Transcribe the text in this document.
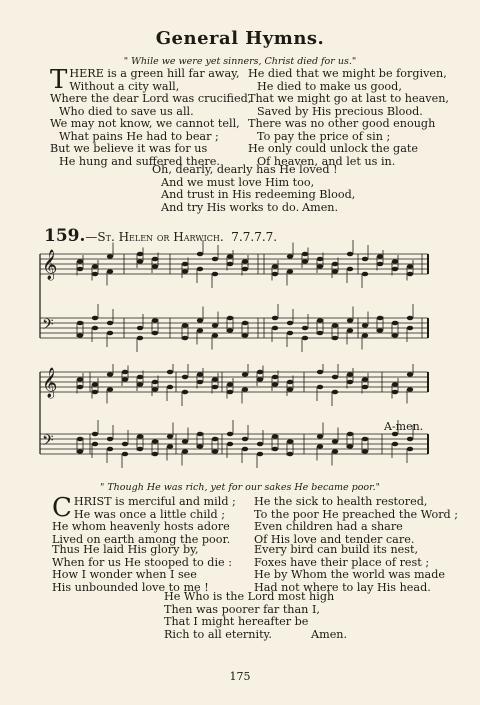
General Hymns.
" While we were yet sinners, Christ died for us."
T HERE is a green hill far away,
Without a city wall,
Where the dear Lord was crucified,
Who died to save us all.
We may not know, we cannot tell,
What pains He had to bear ;
But we believe it was for us
He hung and suffered there.
He died that we might be forgiven,
He died to make us good,
That we might go at last to heaven,
Saved by His precious Blood.
There was no other good enough
To pay the price of sin ;
He only could unlock the gate
Of heaven, and let us in.
Oh, dearly, dearly has He loved !
And we must love Him too,
And trust in His redeeming Blood,
And try His works to do. Amen.
159.—St. Helen or Harwich. 7.7.7.7.
𝄞
𝄢
𝄞
𝄢
A-men.
" Though He was rich, yet for our sakes He became poor."
C HRIST is merciful and mild ;
He was once a little child ;
He whom heavenly hosts adore
Lived on earth among the poor.
Thus He laid His glory by,
When for us He stooped to die :
How I wonder when I see
His unbounded love to me !
He the sick to health restored,
To the poor He preached the Word ;
Even children had a share
Of His love and tender care.
Every bird can build its nest,
Foxes have their place of rest ;
He by Whom the world was made
Had not where to lay His head.
He Who is the Lord most high
Then was poorer far than I,
That I might hereafter be
Rich to all eternity.	Amen.
175
